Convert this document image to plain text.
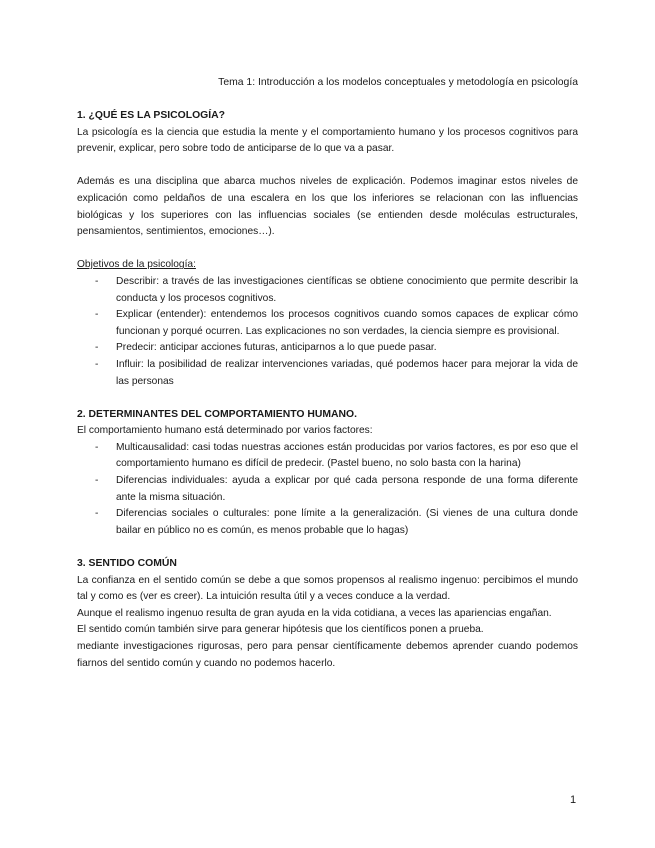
Tema 1: Introducción a los modelos conceptuales y metodología en psicología
1. ¿QUÉ ES LA PSICOLOGÍA?

La psicología es la ciencia que estudia la mente y el comportamiento humano y los procesos cognitivos para prevenir, explicar, pero sobre todo de anticiparse de lo que va a pasar.

Además es una disciplina que abarca muchos niveles de explicación. Podemos imaginar estos niveles de explicación como peldaños de una escalera en los que los inferiores se relacionan con las influencias biológicas y los superiores con las influencias sociales (se entienden desde moléculas estructurales, pensamientos, sentimientos, emociones…).

Objetivos de la psicología:

- Describir: a través de las investigaciones científicas se obtiene conocimiento que permite describir la conducta y los procesos cognitivos.
- Explicar (entender): entendemos los procesos cognitivos cuando somos capaces de explicar cómo funcionan y porqué ocurren. Las explicaciones no son verdades, la ciencia siempre es provisional.
- Predecir: anticipar acciones futuras, anticiparnos a lo que puede pasar.
- Influir: la posibilidad de realizar intervenciones variadas, qué podemos hacer para mejorar la vida de las personas
2. DETERMINANTES DEL COMPORTAMIENTO HUMANO.

El comportamiento humano está determinado por varios factores:

- Multicausalidad: casi todas nuestras acciones están producidas por varios factores, es por eso que el comportamiento humano es difícil de predecir. (Pastel bueno, no solo basta con la harina)
- Diferencias individuales: ayuda a explicar por qué cada persona responde de una forma diferente ante la misma situación.
- Diferencias sociales o culturales: pone límite a la generalización. (Si vienes de una cultura donde bailar en público no es común, es menos probable que lo hagas)
3. SENTIDO COMÚN

La confianza en el sentido común se debe a que somos propensos al realismo ingenuo: percibimos el mundo tal y como es (ver es creer). La intuición resulta útil y a veces conduce a la verdad.

Aunque el realismo ingenuo resulta de gran ayuda en la vida cotidiana, a veces las apariencias engañan.

El sentido común también sirve para generar hipótesis que los científicos ponen a prueba.

mediante investigaciones rigurosas, pero para pensar científicamente debemos aprender cuando podemos fiarnos del sentido común y cuando no podemos hacerlo.

1
